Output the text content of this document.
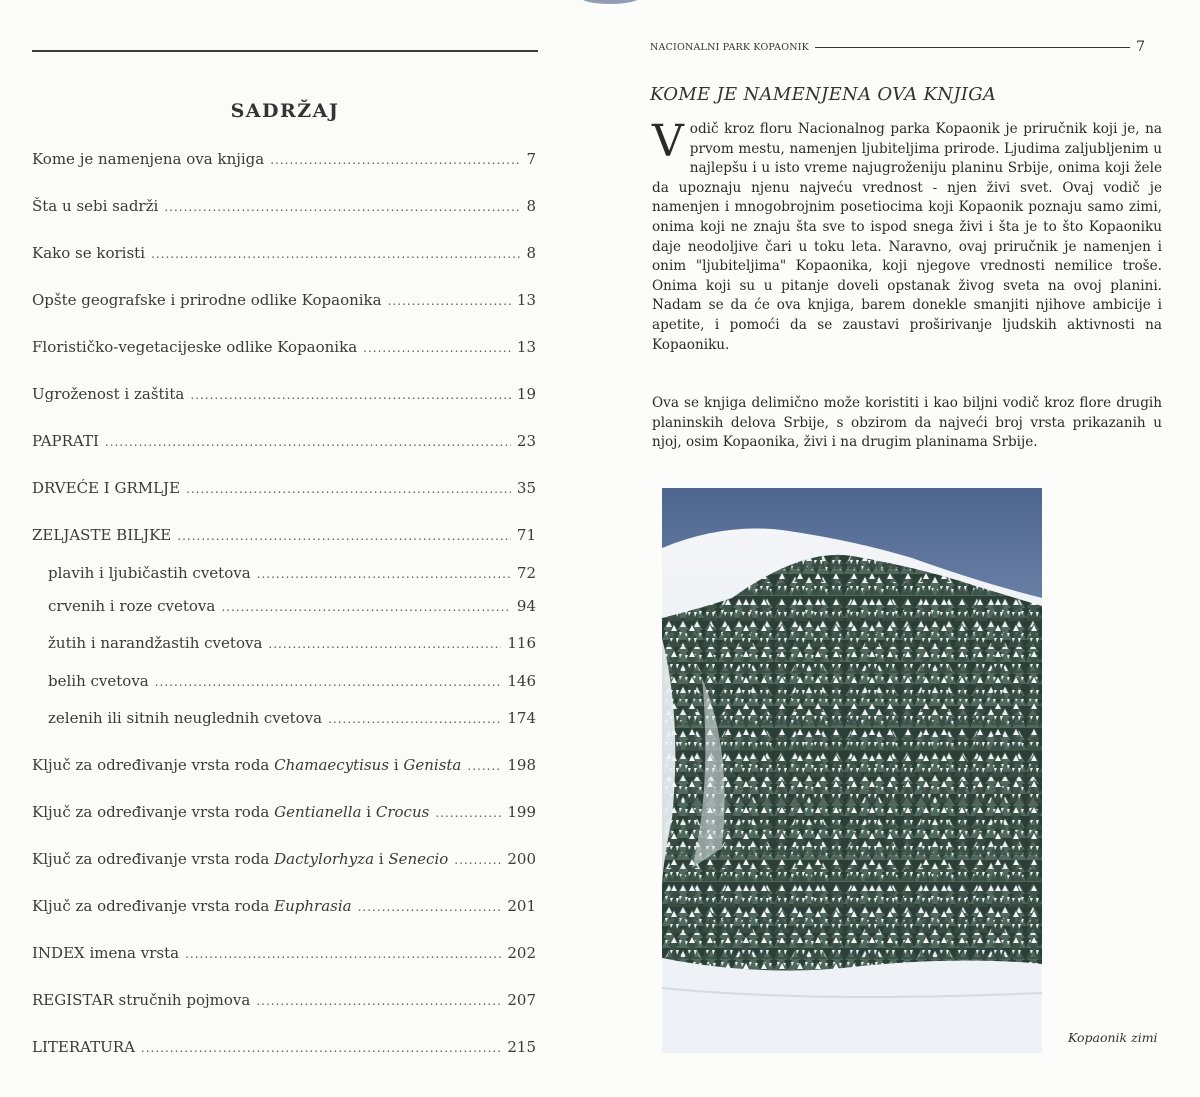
SADRŽAJ
Kome je namenjena ova knjiga .....	7
Šta u sebi sadrži .....	8
Kako se koristi .....	8
Opšte geografske i prirodne odlike Kopaonika .....	13
Florističko-vegetacijeske odlike Kopaonika .....	13
Ugroženost i zaštita .....	19
PAPRATI .....	23
DRVEĆE I GRMLJE .....	35
ZELJASTE BILJKE .....	71
plavih i ljubičastih cvetova .....	72
crvenih i roze cvetova .....	94
žutih i narandžastih cvetova .....	116
belih cvetova .....	146
zelenih ili sitnih neuglednih cvetova .....	174
Ključ za određivanje vrsta roda Chamaecytisus i Genista .....	198
Ključ za određivanje vrsta roda Gentianella i Crocus .....	199
Ključ za određivanje vrsta roda Dactylorhyza i Senecio .....	200
Ključ za određivanje vrsta roda Euphrasia .....	201
INDEX imena vrsta .....	202
REGISTAR stručnih pojmova .....	207
LITERATURA .....	215
NACIONALNI PARK KOPAONIK	7
KOME JE NAMENJENA OVA KNJIGA
Vodič kroz floru Nacionalnog parka Kopaonik je priručnik koji je, na prvom mestu, namenjen ljubiteljima prirode. Ljudima zaljubljenim u najlepšu i u isto vreme najugroženiju planinu Srbije, onima koji žele da upoznaju njenu najveću vrednost - njen živi svet. Ovaj vodič je namenjen i mnogobrojnim posetiocima koji Kopaonik poznaju samo zimi, onima koji ne znaju šta sve to ispod snega živi i šta je to što Kopaoniku daje neodoljive čari u toku leta. Naravno, ovaj priručnik je namenjen i onim "ljubiteljima" Kopaonika, koji njegove vrednosti nemilice troše. Onima koji su u pitanje doveli opstanak živog sveta na ovoj planini. Nadam se da će ova knjiga, barem donekle smanjiti njihove ambicije i apetite, i pomoći da se zaustavi proširivanje ljudskih aktivnosti na Kopaoniku.
Ova se knjiga delimično može koristiti i kao biljni vodič kroz flore drugih planinskih delova Srbije, s obzirom da najveći broj vrsta prikazanih u njoj, osim Kopaonika, živi i na drugim planinama Srbije.
Kopaonik zimi
